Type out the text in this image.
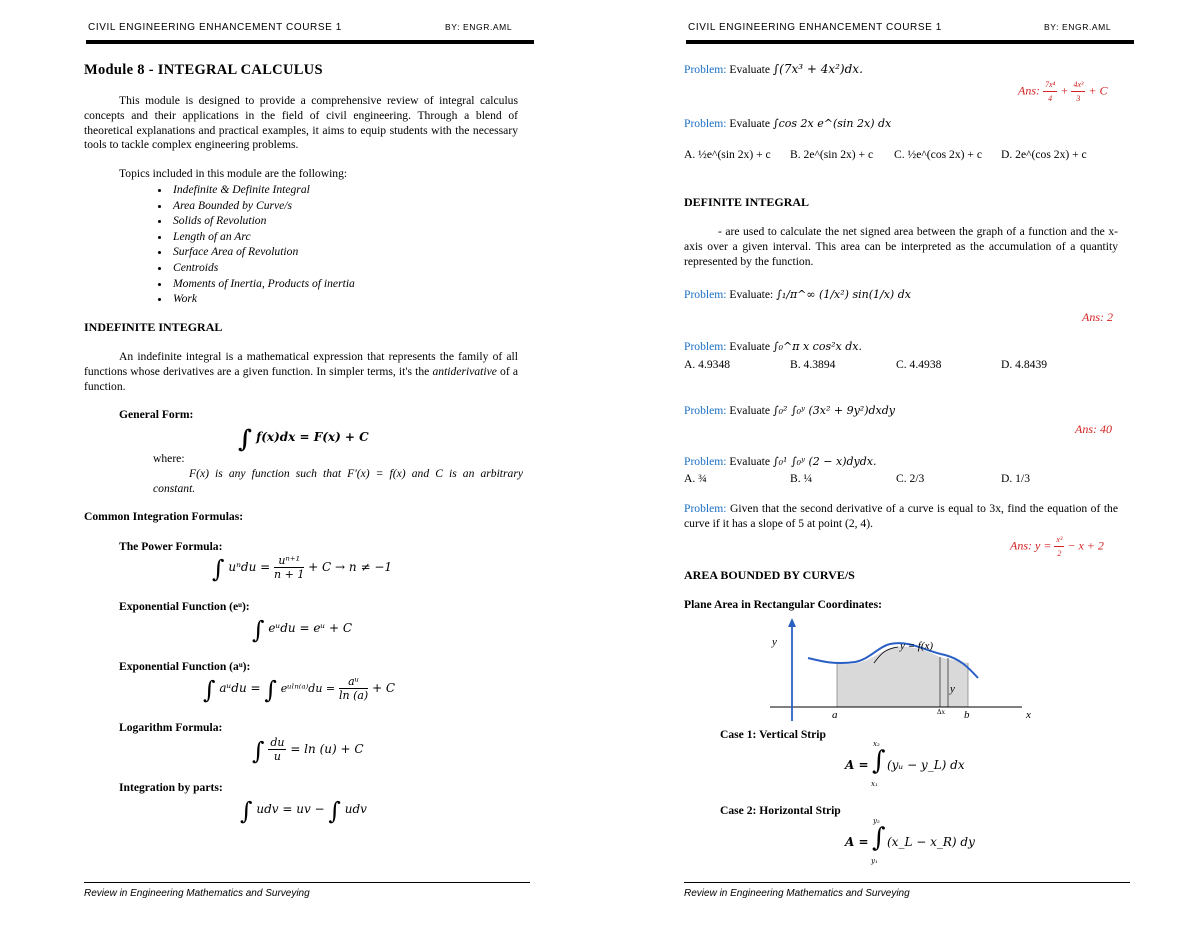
CIVIL ENGINEERING ENHANCEMENT COURSE 1	BY: ENGR.AML
Module 8 - INTEGRAL CALCULUS
This module is designed to provide a comprehensive review of integral calculus concepts and their applications in the field of civil engineering. Through a blend of theoretical explanations and practical examples, it aims to equip students with the necessary tools to tackle complex engineering problems.
Topics included in this module are the following:
• Indefinite & Definite Integral
• Area Bounded by Curve/s
• Solids of Revolution
• Length of an Arc
• Surface Area of Revolution
• Centroids
• Moments of Inertia, Products of inertia
• Work
INDEFINITE INTEGRAL
An indefinite integral is a mathematical expression that represents the family of all functions whose derivatives are a given function. In simpler terms, it's the antiderivative of a function.
General Form:
∫ f(x)dx = F(x) + C
where:
F(x) is any function such that F'(x) = f(x) and C is an arbitrary constant.
Common Integration Formulas:
The Power Formula:
∫ $u^ndu = \frac{\text{uⁿ⁺¹}}{n + 1} + C \to n \ne -1$
Exponential Function (eᵘ):
∫ eᵘdu = eᵘ + C
Exponential Function (aᵘ):
∫ aᵘdu = ∫ eᵘˡⁿ⁽ᵃ⁾du = $\frac{\text{aᵘ}}{\ln (a)} + C$
Logarithm Formula:
∫ $\frac{du}{u} = \ln (u) + C$
Integration by parts:
∫ udv = uv − ∫ udv
Review in Engineering Mathematics and Surveying
CIVIL ENGINEERING ENHANCEMENT COURSE 1	BY: ENGR.AML
Problem: Evaluate ∫(7x³ + 4x²)dx.
Ans: $\frac{\text{7x⁴}}{4} + \frac{\text{4x³}}{3} + C$
Problem: Evaluate ∫cos 2x e^(sin 2x) dx
A. ½e^(sin 2x) + c B. 2e^(sin 2x) + c C. ½e^(cos 2x) + c D. 2e^(cos 2x) + c
DEFINITE INTEGRAL
- are used to calculate the net signed area between the graph of a function and the x-axis over a given interval. This area can be interpreted as the accumulation of a quantity represented by the function.
Problem: Evaluate: ∫₁/π^∞ (1/x²) sin(1/x) dx
Ans: 2
Problem: Evaluate ∫₀^π x cos²x dx.
A. 4.9348	B. 4.3894	C. 4.4938	D. 4.8439
Problem: Evaluate ∫₀² ∫₀ʸ (3x² + 9y²)dxdy
Ans: 40
Problem: Evaluate ∫₀¹ ∫₀ʸ (2 − x)dydx.
A. ¾	B. ¼	C. 2/3	D. 1/3
Problem: Given that the second derivative of a curve is equal to 3x, find the equation of the curve if it has a slope of 5 at point (2, 4).
Ans: $y = \frac{\text{x³}}{2} - x + 2$
AREA BOUNDED BY CURVE/S
Plane Area in Rectangular Coordinates:
y
x
y = f(x)
a	b
Δx
y
Case 1: Vertical Strip
A =
x₂
∫
x₁
(yᵤ − y_L) dx
Case 2: Horizontal Strip
A =
y₂
∫
y₁
(x_L − x_R) dy
Review in Engineering Mathematics and Surveying
